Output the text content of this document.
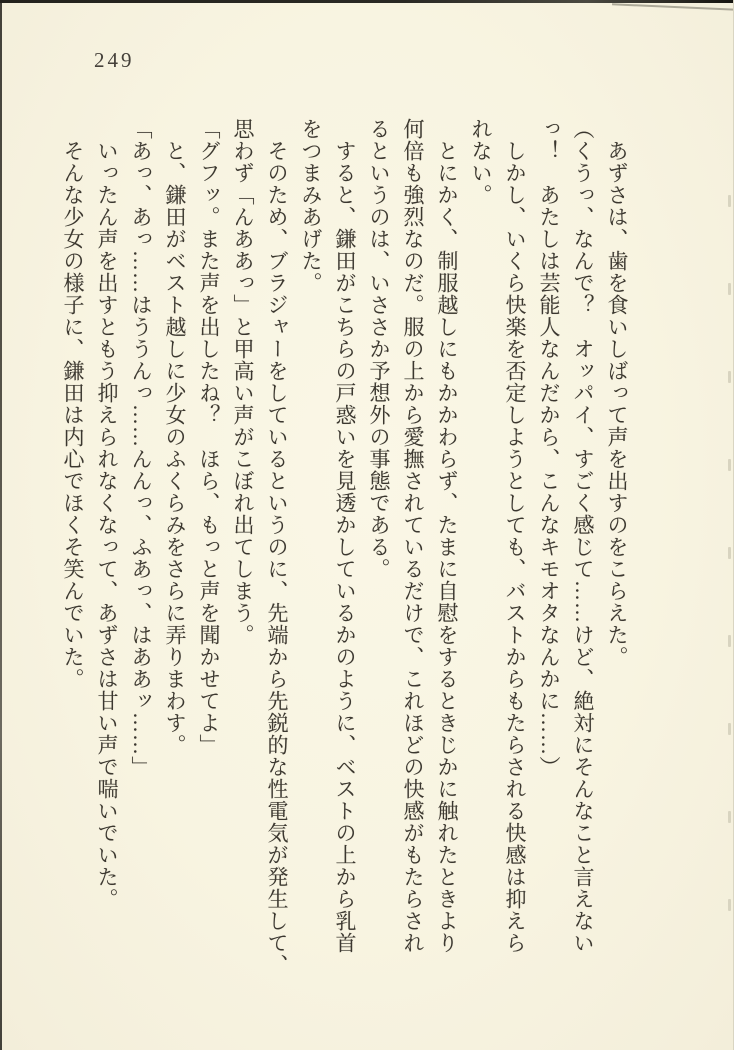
249
　あずさは、歯を食いしばって声を出すのをこらえた。
（くうっ、なんで？　オッパイ、すごく感じて……けど、絶対にそんなこと言えない
っ！　あたしは芸能人なんだから、こんなキモオタなんかに……）
　しかし、いくら快楽を否定しようとしても、バストからもたらされる快感は抑えら
れない。
　とにかく、制服越しにもかかわらず、たまに自慰をするときじかに触れたときより
何倍も強烈なのだ。服の上から愛撫されているだけで、これほどの快感がもたらされ
るというのは、いささか予想外の事態である。
　すると、鎌田がこちらの戸惑いを見透かしているかのように、ベストの上から乳首
をつまみあげた。
　そのため、ブラジャーをしているというのに、先端から先鋭的な性電気が発生して、
思わず「んああっ」と甲高い声がこぼれ出てしまう。
「グフッ。また声を出したね？　ほら、もっと声を聞かせてよ」
　と、鎌田がベスト越しに少女のふくらみをさらに弄りまわす。
「あっ、あっ……はううんっ……んんっ、ふあっ、はああッ……」
　いったん声を出すともう抑えられなくなって、あずさは甘い声で喘いでいた。
　そんな少女の様子に、鎌田は内心でほくそ笑んでいた。
